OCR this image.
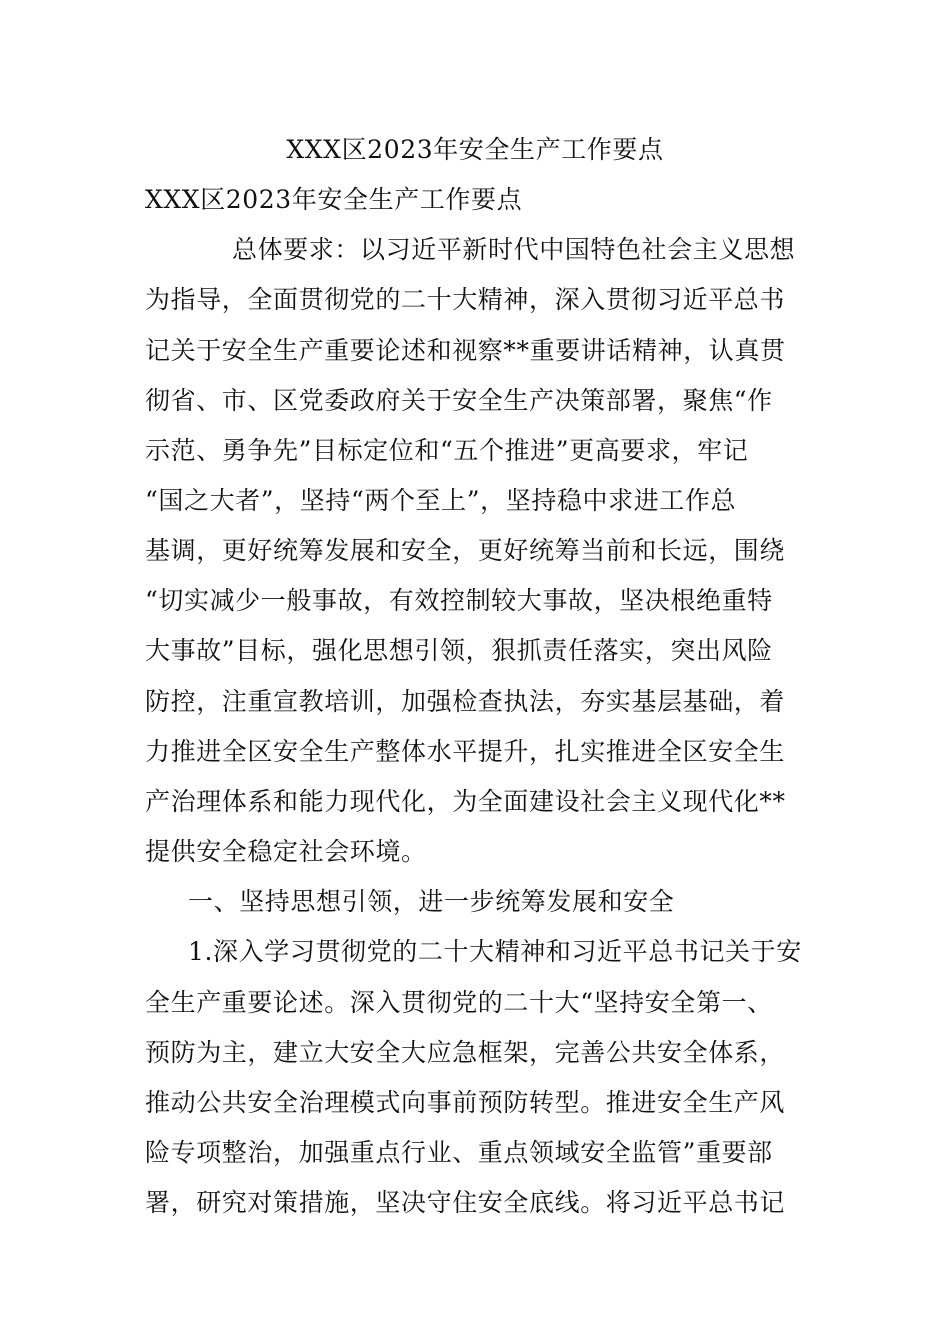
XXX区2023年安全生产工作要点
XXX区2023年安全生产工作要点
总体要求：以习近平新时代中国特色社会主义思想
为指导，全面贯彻党的二十大精神，深入贯彻习近平总书
记关于安全生产重要论述和视察**重要讲话精神，认真贯
彻省、市、区党委政府关于安全生产决策部署，聚焦“作
示范、勇争先”目标定位和“五个推进”更高要求，牢记
“国之大者”，坚持“两个至上”，坚持稳中求进工作总
基调，更好统筹发展和安全，更好统筹当前和长远，围绕
“切实减少一般事故，有效控制较大事故，坚决根绝重特
大事故”目标，强化思想引领，狠抓责任落实，突出风险
防控，注重宣教培训，加强检查执法，夯实基层基础，着
力推进全区安全生产整体水平提升，扎实推进全区安全生
产治理体系和能力现代化，为全面建设社会主义现代化**
提供安全稳定社会环境。
一、坚持思想引领，进一步统筹发展和安全
1.深入学习贯彻党的二十大精神和习近平总书记关于安
全生产重要论述。深入贯彻党的二十大“坚持安全第一、
预防为主，建立大安全大应急框架，完善公共安全体系，
推动公共安全治理模式向事前预防转型。推进安全生产风
险专项整治，加强重点行业、重点领域安全监管”重要部
署，研究对策措施，坚决守住安全底线。将习近平总书记
